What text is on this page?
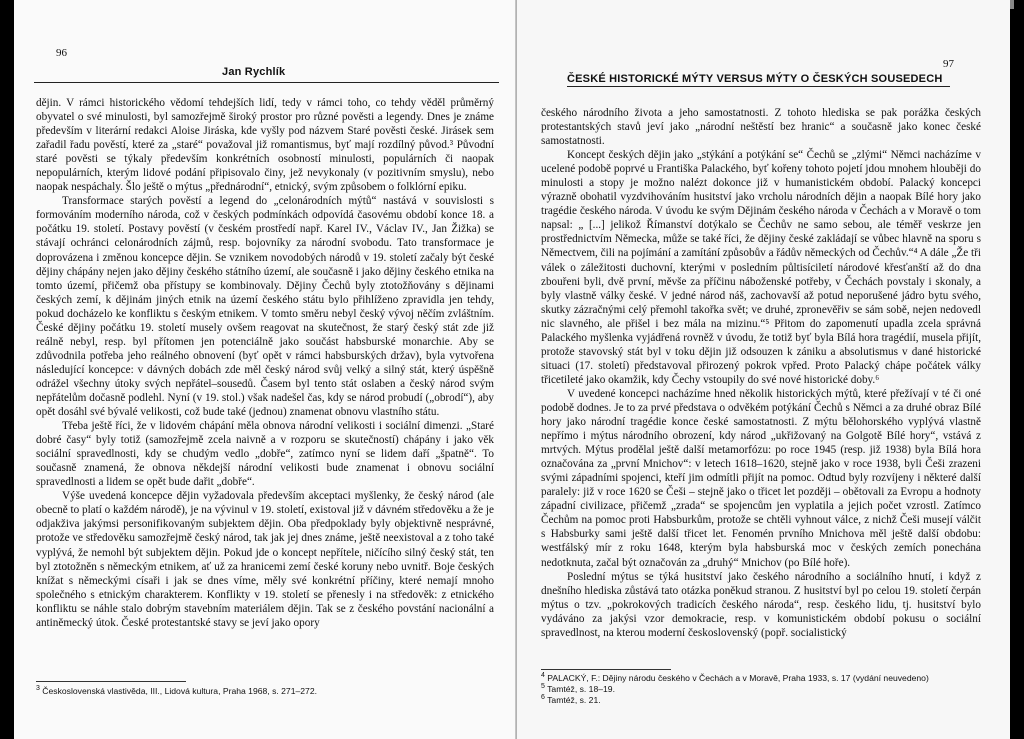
96
Jan Rychlík

dějin. V rámci historického vědomí tehdejších lidí, tedy v rámci toho, co tehdy věděl průměrný obyvatel o své minulosti, byl samozřejmě široký prostor pro různé pověsti a legendy. Dnes je známe především v literární redakci Aloise Jiráska, kde vyšly pod názvem Staré pověsti české. Jirásek sem zařadil řadu pověstí, které za „staré“ považoval již romantismus, byť mají rozdílný původ.³ Původní staré pověsti se týkaly především konkrétních osobností minulosti, populárních či naopak nepopulárních, kterým lidové podání připisovalo činy, jež nevykonaly (v pozitivním smyslu), nebo naopak nespáchaly. Šlo ještě o mýtus „přednárodní“, etnický, svým způsobem o folklórní epiku.

Transformace starých pověstí a legend do „celonárodních mýtů“ nastává v souvislosti s formováním moderního národa, což v českých podmínkách odpovídá časovému období konce 18. a počátku 19. století. Postavy pověstí (v českém prostředí např. Karel IV., Václav IV., Jan Žižka) se stávají ochránci celonárodních zájmů, resp. bojovníky za národní svobodu. Tato transformace je doprovázena i změnou koncepce dějin. Se vznikem novodobých národů v 19. století začaly být české dějiny chápány nejen jako dějiny českého státního území, ale současně i jako dějiny českého etnika na tomto území, přičemž oba přístupy se kombinovaly. Dějiny Čechů byly ztotožňovány s dějinami českých zemí, k dějinám jiných etnik na území českého státu bylo přihlíženo zpravidla jen tehdy, pokud docházelo ke konfliktu s českým etnikem. V tomto směru nebyl český vývoj něčím zvláštním. České dějiny počátku 19. století musely ovšem reagovat na skutečnost, že starý český stát zde již reálně nebyl, resp. byl přítomen jen potenciálně jako součást habsburské monarchie. Aby se zdůvodnila potřeba jeho reálného obnovení (byť opět v rámci habsburských držav), byla vytvořena následující koncepce: v dávných dobách zde měl český národ svůj velký a silný stát, který úspěšně odrážel všechny útoky svých nepřátel–sousedů. Časem byl tento stát oslaben a český národ svým nepřátelům dočasně podlehl. Nyní (v 19. stol.) však nadešel čas, kdy se národ probudí („obrodí“), aby opět dosáhl své bývalé velikosti, což bude také (jednou) znamenat obnovu vlastního státu.

Třeba ještě říci, že v lidovém chápání měla obnova národní velikosti i sociální dimenzi. „Staré dobré časy“ byly totiž (samozřejmě zcela naivně a v rozporu se skutečností) chápány i jako věk sociální spravedlnosti, kdy se chudým vedlo „dobře“, zatímco nyní se lidem daří „špatně“. To současně znamená, že obnova někdejší národní velikosti bude znamenat i obnovu sociální spravedlnosti a lidem se opět bude dařit „dobře“.

Výše uvedená koncepce dějin vyžadovala především akceptaci myšlenky, že český národ (ale obecně to platí o každém národě), je na vývinul v 19. století, existoval již v dávném středověku a že je odjakživa jakýmsi personifikovaným subjektem dějin. Oba předpoklady byly objektivně nesprávné, protože ve středověku samozřejmě český národ, tak jak jej dnes známe, ještě neexistoval a z toho také vyplývá, že nemohl být subjektem dějin. Pokud jde o koncept nepřítele, ničícího silný český stát, ten byl ztotožněn s německým etnikem, ať už za hranicemi zemí české koruny nebo uvnitř. Boje českých knížat s německými císaři i jak se dnes víme, měly své konkrétní příčiny, které nemají mnoho společného s etnickým charakterem. Konflikty v 19. století se přenesly i na středověk: z etnického konfliktu se náhle stalo dobrým stavebním materiálem dějin. Tak se z českého povstání nacionální a antiněmecký útok. České protestantské stavy se jeví jako opory

$^3$ Československá vlastivěda, III., Lidová kultura, Praha 1968, s. 271–272.
97
ČESKÉ HISTORICKÉ MÝTY VERSUS MÝTY O ČESKÝCH SOUSEDECH

českého národního života a jeho samostatnosti. Z tohoto hlediska se pak porážka českých protestantských stavů jeví jako „národní neštěstí bez hranic“ a současně jako konec české samostatnosti.

Koncept českých dějin jako „stýkání a potýkání se“ Čechů se „zlými“ Němci nacházíme v ucelené podobě poprvé u Františka Palackého, byť kořeny tohoto pojetí jdou mnohem hlouběji do minulosti a stopy je možno nalézt dokonce již v humanistickém období. Palacký koncepci výrazně obohatil vyzdvihováním husitství jako vrcholu národních dějin a naopak Bílé hory jako tragédie českého národa. V úvodu ke svým Dějinám českého národa v Čechách a v Moravě o tom napsal: „ [...] jelikož Římanství dotýkalo se Čechův ne samo sebou, ale téměř veskrze jen prostřednictvím Německa, může se také říci, že dějiny české zakládají se vůbec hlavně na sporu s Němectvem, čili na pojímání a zamítání způsobův a řádův německých od Čechův.“⁴ A dále „Že tři válek o záležitosti duchovní, kterými v posledním půltisíciletí národové křesťanští až do dna zbouřeni byli, dvě první, měvše za příčinu náboženské potřeby, v Čechách povstaly i skonaly, a byly vlastně války české. V jedné národ náš, zachovavší až potud neporušené jádro bytu svého, skutky zázračnými celý přemohl takořka svět; ve druhé, zpronevěřiv se sám sobě, nejen nedovedl nic slavného, ale přišel i bez mála na mizinu.“⁵ Přitom do zapomenutí upadla zcela správná Palackého myšlenka vyjádřená rovněž v úvodu, že totiž byť byla Bílá hora tragédií, musela přijít, protože stavovský stát byl v toku dějin již odsouzen k zániku a absolutismus v dané historické situaci (17. století) představoval přirozený pokrok vpřed. Proto Palacký chápe počátek války třicetileté jako okamžik, kdy Čechy vstoupily do své nové historické doby.⁶

V uvedené koncepci nacházíme hned několik historických mýtů, které přežívají v té či oné podobě dodnes. Je to za prvé představa o odvěkém potýkání Čechů s Němci a za druhé obraz Bílé hory jako národní tragédie konce české samostatnosti. Z mýtu bělohorského vyplývá vlastně nepřímo i mýtus národního obrození, kdy národ „ukřižovaný na Golgotě Bílé hory“, vstává z mrtvých. Mýtus prodělal ještě další metamorfózu: po roce 1945 (resp. již 1938) byla Bílá hora označována za „první Mnichov“: v letech 1618–1620, stejně jako v roce 1938, byli Češi zrazeni svými západními spojenci, kteří jim odmítli přijít na pomoc. Odtud byly rozvíjeny i některé další paralely: již v roce 1620 se Češi – stejně jako o třicet let později – obětovali za Evropu a hodnoty západní civilizace, přičemž „zrada“ se spojencům jen vyplatila a jejich počet vzrostl. Zatímco Čechům na pomoc proti Habsburkům, protože se chtěli vyhnout válce, z nichž Češi musejí válčit s Habsburky sami ještě další třicet let. Fenomén prvního Mnichova měl ještě další obdobu: westfálský mír z roku 1648, kterým byla habsburská moc v českých zemích ponechána nedotknuta, začal být označován za „druhý“ Mnichov (po Bílé hoře).

Poslední mýtus se týká husitství jako českého národního a sociálního hnutí, i když z dnešního hlediska zůstává tato otázka poněkud stranou. Z husitství byl po celou 19. století čerpán mýtus o tzv. „pokrokových tradicích českého národa“, resp. českého lidu, tj. husitství bylo vydáváno za jakýsi vzor demokracie, resp. v komunistickém období pokusu o sociální spravedlnost, na kterou moderní československý (popř. socialistický

$^4$ PALACKÝ, F.: Dějiny národu českého v Čechách a v Moravě, Praha 1933, s. 17 (vydání neuvedeno)
$^5$ Tamtéž, s. 18–19.
$^6$ Tamtéž, s. 21.
